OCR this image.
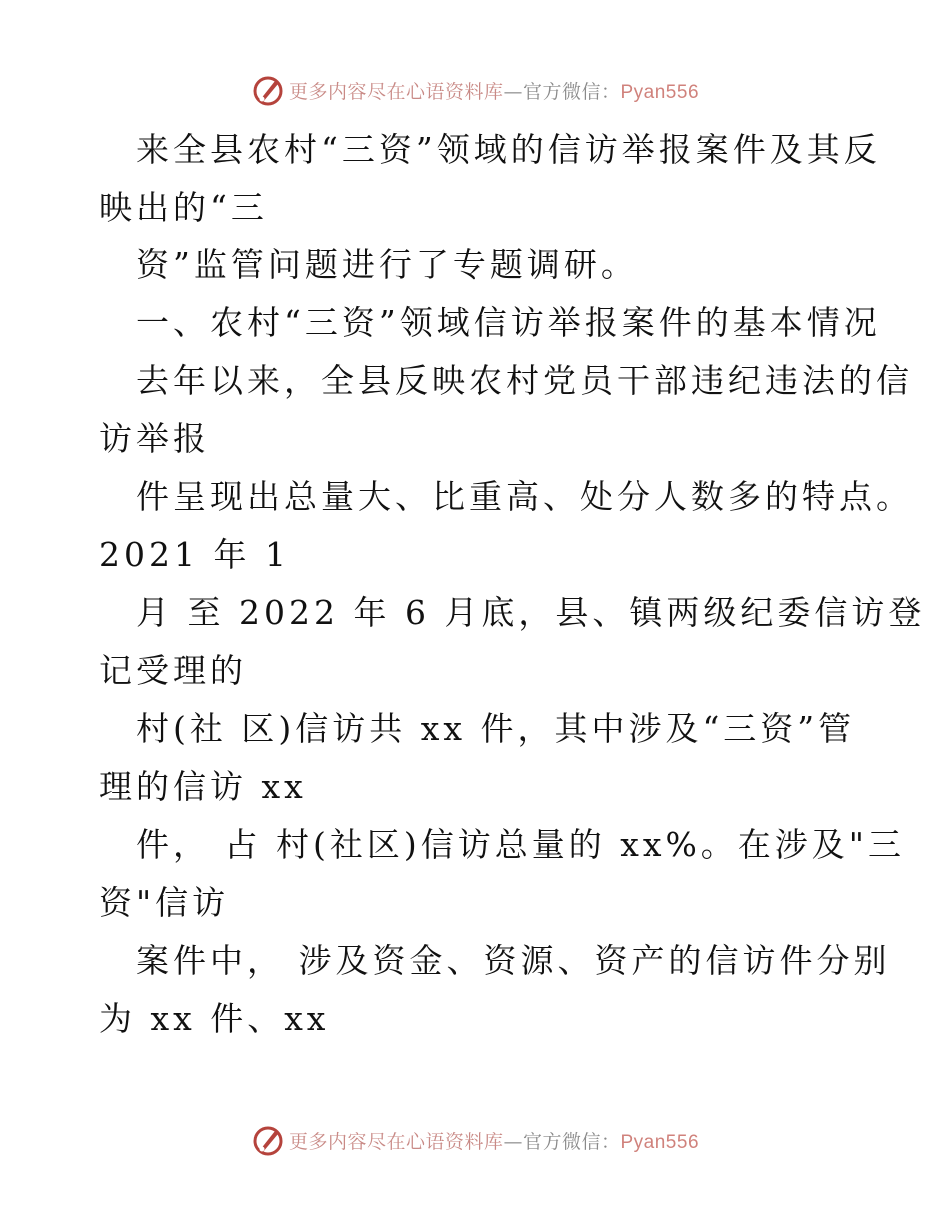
更多内容尽在心语资料库—官方微信：Pyan556
来全县农村“三资”领域的信访举报案件及其反
映出的“三
资”监管问题进行了专题调研。
一、农村“三资”领域信访举报案件的基本情况
去年以来，全县反映农村党员干部违纪违法的信
访举报
件呈现出总量大、比重高、处分人数多的特点。
2021 年 1
月 至 2022 年 6 月底，县、镇两级纪委信访登
记受理的
村(社 区)信访共 xx 件，其中涉及“三资”管
理的信访 xx
件， 占 村(社区)信访总量的 xx%。在涉及"三
资"信访
案件中， 涉及资金、资源、资产的信访件分别
为 xx 件、xx
更多内容尽在心语资料库—官方微信：Pyan556
